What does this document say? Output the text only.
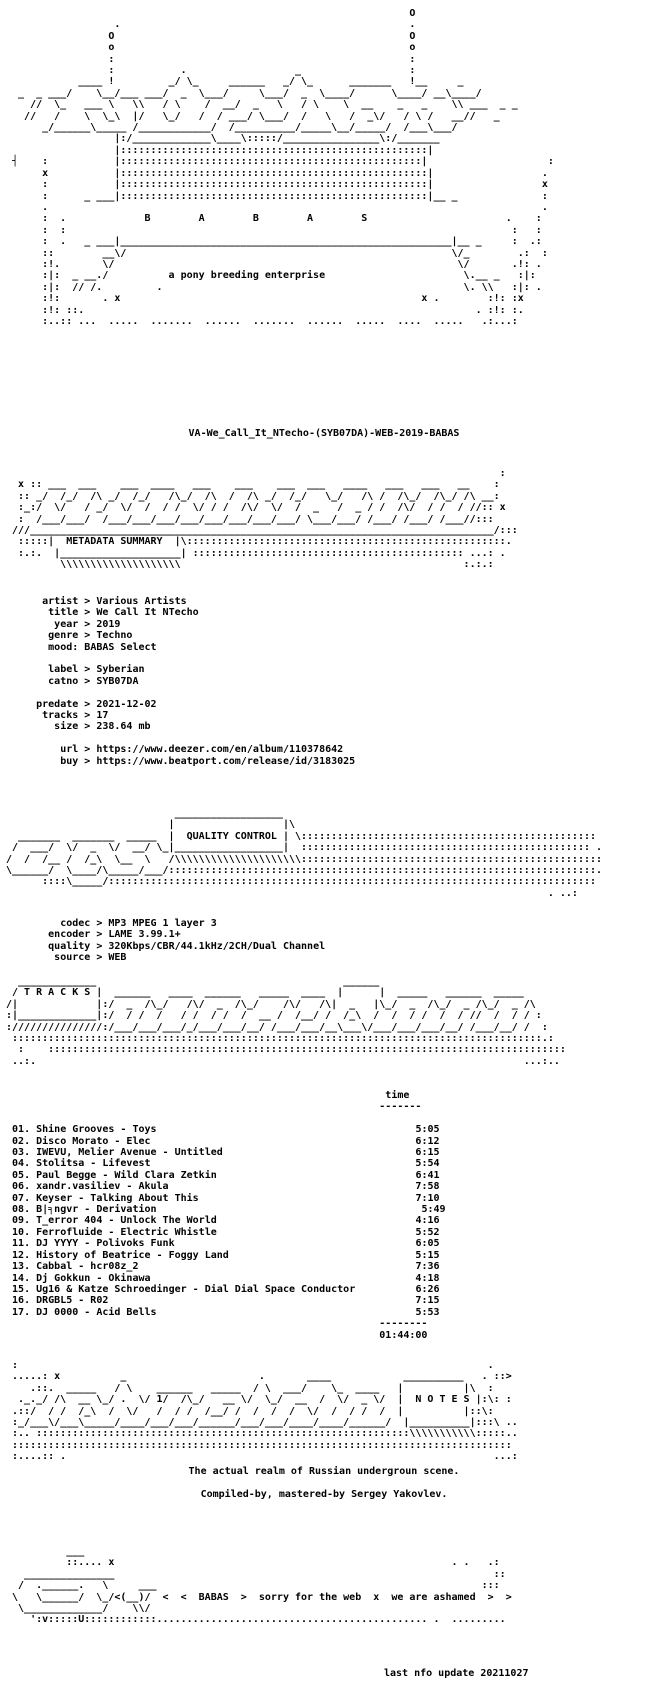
O
.                                                .
O                                                 O
o                                                 o
:                                                 :
:           .                  _                  :
____ !         _/ \_     ______   _/ \_      _______   !__     _
_  _ ___/    \__/___ ___/  _  \___/     \___/  _  \____/      \____/ __\____/
//  \_   ___ \   \\   / \    /  __/  _   \   / \    \  __    _   _    \\ ___  _ _
//   /    \  \_\  |/   \_/   /  / ___/ \___/  /   \   /  _\/   / \ /   __//   _
_/______\_____ /____________/  /__________/_____\__/_____/  /___\___/
|:/_____________\____\:::::/________________\:/_______
|:::::::::::::::::::::::::::::::::::::::::::::::::::|
┤    :           |::::::::::::::::::::::::::::::::::::::::::::::::::|                    :
x           |:::::::::::::::::::::::::::::::::::::::::::::::::::|                  .
:           |:::::::::::::::::::::::::::::::::::::::::::::::::::|                  x
:      _ ___|:::::::::::::::::::::::::::::::::::::::::::::::::::|__ _              :
.                                                                                  .
:  .             B        A        B        A        S                       .    :
:  :                                                                          :   :
:  .   _ ___|_______________________________________________________|__ _     :  .:
::        __\/                                                      \/_        .:  :
:!.       \/                                                         \/       .!: .
:|:  _ __./          a pony breeding enterprise                       \.__ _   :|:
:|:  // /.         .                                                  \. \\   :|: .
:!:       . x                                                  x .        :!: :x
:!: ::.                                                                 . :!: :.
:..:: ...  .....  .......  ......  .......  ......  .....  ....  .....   .:...:
VA-We_Call_It_NTecho-(SYB07DA)-WEB-2019-BABAS
:
x :: ___  ___    ___  ____   ___    ___    ___  ___   ____   ___   ___   __    :
:: _/  /_/  /\ _/  /_/   /\_/  /\  /  /\ _/  /_/   \_/   /\ /  /\_/  /\_/ /\ __:
:_:/  \/   / _/  \/  /  / /  \/ / /  /\/  \/  /  _   /  _ / /  /\/  / /  / //:: x
:  /___/___/  /___/___/___/___/___/___/___/___/ \___/___/ /___/ /___/ /___//:::
///_____________________________________________________________________________/:::
:::::|  METADATA SUMMARY  |\:::::::::::::::::::::::::::::::::::::::::::::::::::::.
:.:.  |____________________| ::::::::::::::::::::::::::::::::::::::::::::: ...: .
\\\\\\\\\\\\\\\\\\\\                                               :.:.:
artist > Various Artists
title > We Call It NTecho
year > 2019
genre > Techno
mood: BABAS Select

label > Syberian
catno > SYB07DA

predate > 2021-12-02
tracks > 17
size > 238.64 mb

url > https://www.deezer.com/en/album/110378642
buy > https://www.beatport.com/release/id/3183025
__________________
|                  |\
_______  _______  _____  |  QUALITY CONTROL | \:::::::::::::::::::::::::::::::::::::::::::::::::
/  ___/  \/  _  \/  __/ \_|__________________|  :::::::::::::::::::::::::::::::::::::::::::::::: .
/  /  /__ /  /_\  \__  \   /\\\\\\\\\\\\\\\\\\\\\::::::::::::::::::::::::::::::::::::::::::::::::::
\______/  \____/\_____/___/:::::::::::::::::::::::::::::::::::::::::::::::::::::::::::::::::::::::.
::::\_____/:::::::::::::::::::::::::::::::::::::::::::::::::::::::::::::::::::::::::::::::::
. ..:
codec > MP3 MPEG 1 layer 3
encoder > LAME 3.99.1+
quality > 320Kbps/CBR/44.1kHz/2CH/Dual Channel
source > WEB
_____________                                         ______
/ T R A C K S |  ______   ____  ______   _____  ____  |      |  _____   ______  _____
/|             |:/  _  /\_/   /\/  _  /\_/    /\/   /\|  _   |\_/  _  /\_/  _ /\_/  _ /\
:|_____________|:/  / /  /   / /  / /  /  __ /  /__/ /  /_\  /  /  / /  /  / //  /  / / :
:///////////////:/___/___/___/_/___/___/__/ /___/___/__\___\/___/___/___/__/ /___/__/ /  :
::::::::::::::::::::::::::::::::::::::::::::::::::::::::::::::::::::::::::::::::::::::::.:
:    ::::::::::::::::::::::::::::::::::::::::::::::::::::::::::::::::::::::::::::::::::::::
..:.                                                                                 ...:..
time
-------

01. Shine Grooves - Toys	5:05
02. Disco Morato - Elec	6:12
03. IWEVU, Melier Avenue - Untitled	6:15
04. Stolitsa - Lifevest	5:54
05. Paul Begge - Wild Clara Zetkin	6:41
06. xandr.vasiliev - Akula	7:58
07. Keyser - Talking About This	7:10
08. B|╕ngvr - Derivation	5:49
09. T_error 404 - Unlock The World	4:16
10. Ferrofluide - Electric Whistle	5:52
11. DJ YYYY - Polivoks Funk	6:05
12. History of Beatrice - Foggy Land	5:15
13. Cabbal - hcr08z_2	7:36
14. Dj Gokkun - Okinawa	4:18
15. Ug16 & Katze Schroedinger - Dial Dial Space Conductor	6:26
16. DRGBL5 - R02	7:15
17. DJ 0000 - Acid Bells	5:53
--------
01:44:00
:                                                                              .
.....: x          _                      .       ____            __________   . ::>
.::.  _____   / \    ______   _____  / \  ___/    \_  ____   |          |\  :
._._/ /\  __ \_/ .  \/ 1/  /\_/   __ \/  \_/  __  /  \/  _ \/  |  N O T E S |:\: :
.::/  / /  /_\  /  \/   /  / /  /__/ /  /  /  /  \/  /  / /  /  |          |::\:
:_/___\/___\_____/____/___/___/______/___/___/____/____/______/  |__________|:::\ ..
:.. ::::::::::::::::::::::::::::::::::::::::::::::::::::::::::::::\\\\\\\\\\\:::::..
:::::::::::::::::::::::::::::::::::::::::::::::::::::::::::::::::::::::::::::::::::
:....:: .                                                                       ...:
The actual realm of Russian undergroun scene.

Compiled-by, mastered-by Sergey Yakovlev.
___
::.... x                                                        . .   .:
_______________                                                               ::
/  .______.   \     ___                                                      :::
\   \______/  \_/<(__)/  <  <  BABAS  >  sorry for the web  x  we are ashamed  >  >
\_____________/    \\/
':v:::::U::::::::::::............................................. .  .........
last nfo update 20211027
